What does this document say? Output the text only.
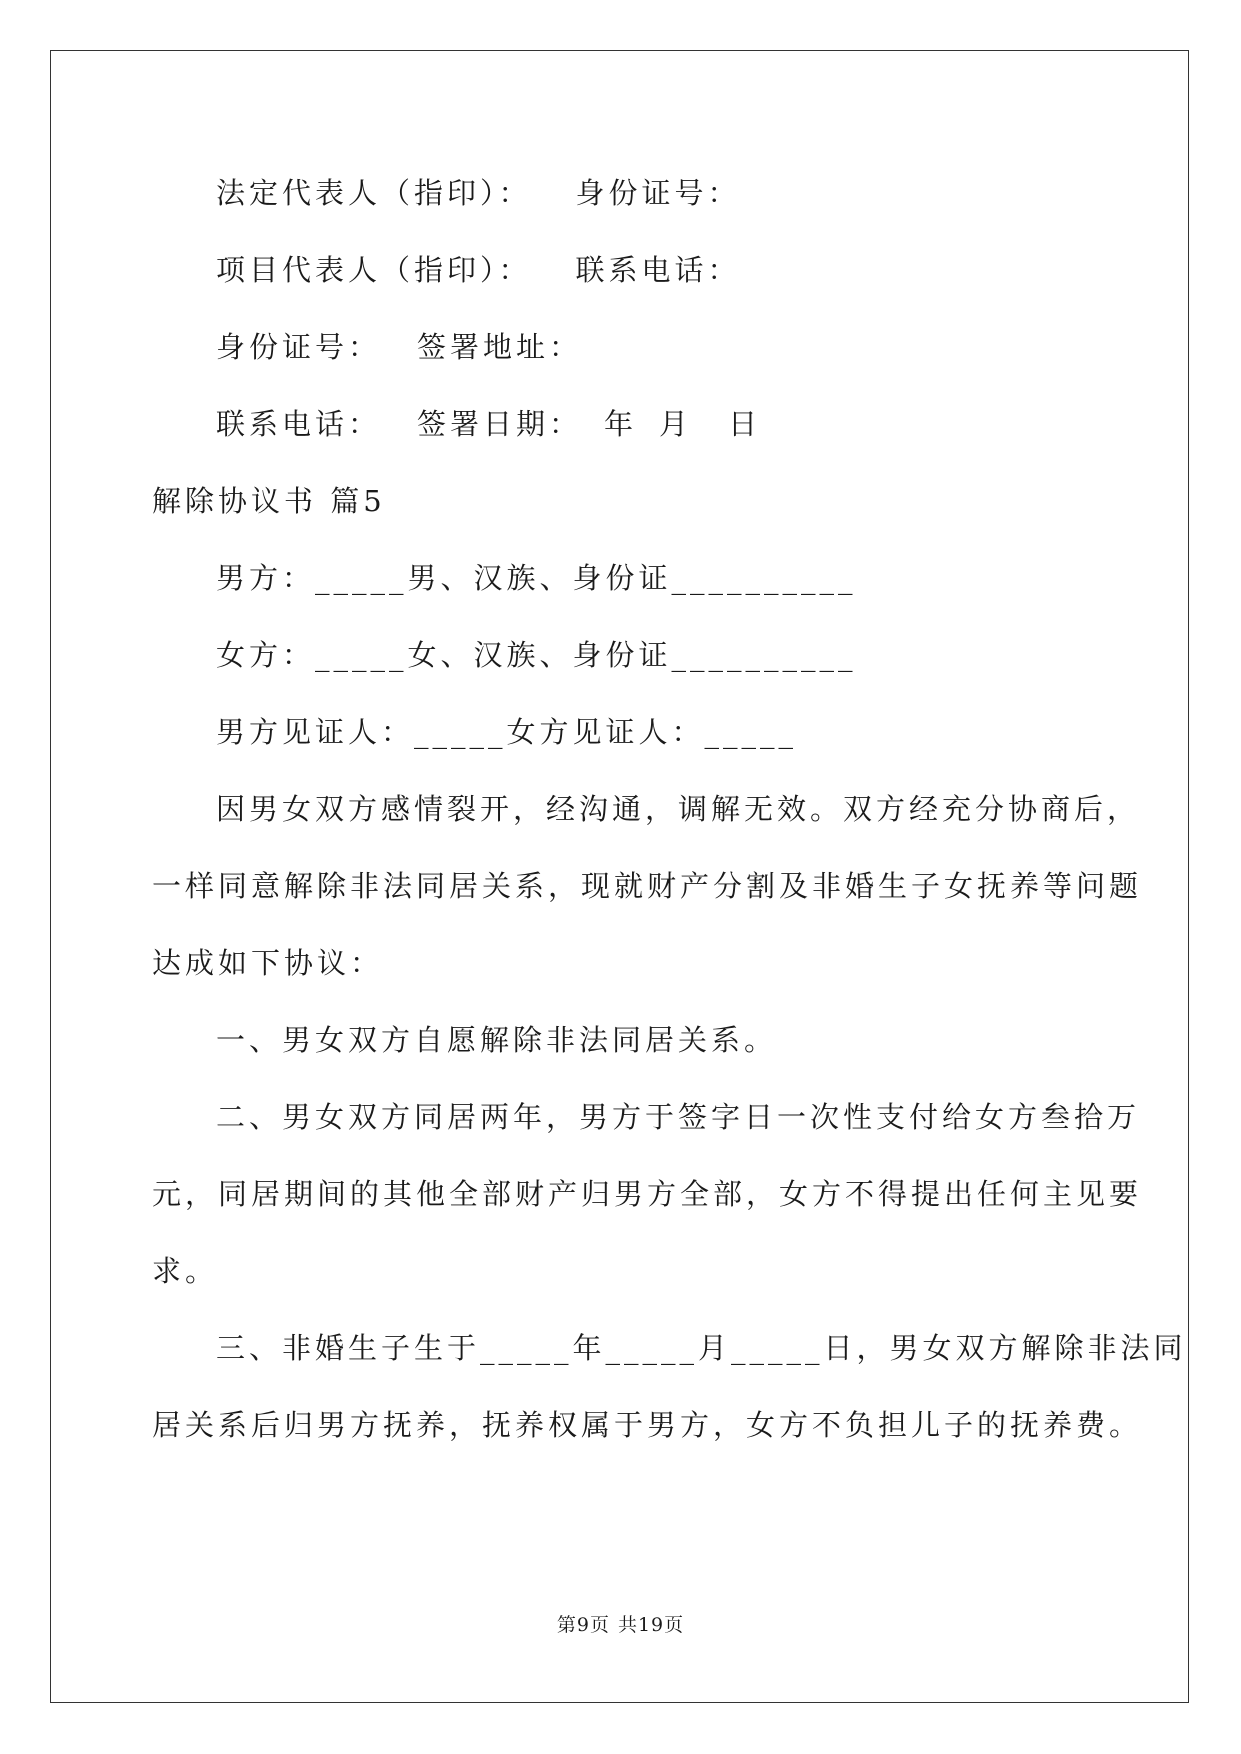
法定代表人（指印）： 身份证号：
项目代表人（指印）： 联系电话：
身份证号： 签署地址：
联系电话： 签署日期： 年 月 日
解除协议书 篇5
男方：_____男、汉族、身份证__________
女方：_____女、汉族、身份证__________
男方见证人：_____女方见证人：_____
因男女双方感情裂开，经沟通，调解无效。双方经充分协商后，
一样同意解除非法同居关系，现就财产分割及非婚生子女抚养等问题
达成如下协议：
一、男女双方自愿解除非法同居关系。
二、男女双方同居两年，男方于签字日一次性支付给女方叁拾万
元，同居期间的其他全部财产归男方全部，女方不得提出任何主见要
求。
三、非婚生子生于_____年_____月_____日，男女双方解除非法同
居关系后归男方抚养，抚养权属于男方，女方不负担儿子的抚养费。
第9页 共19页
